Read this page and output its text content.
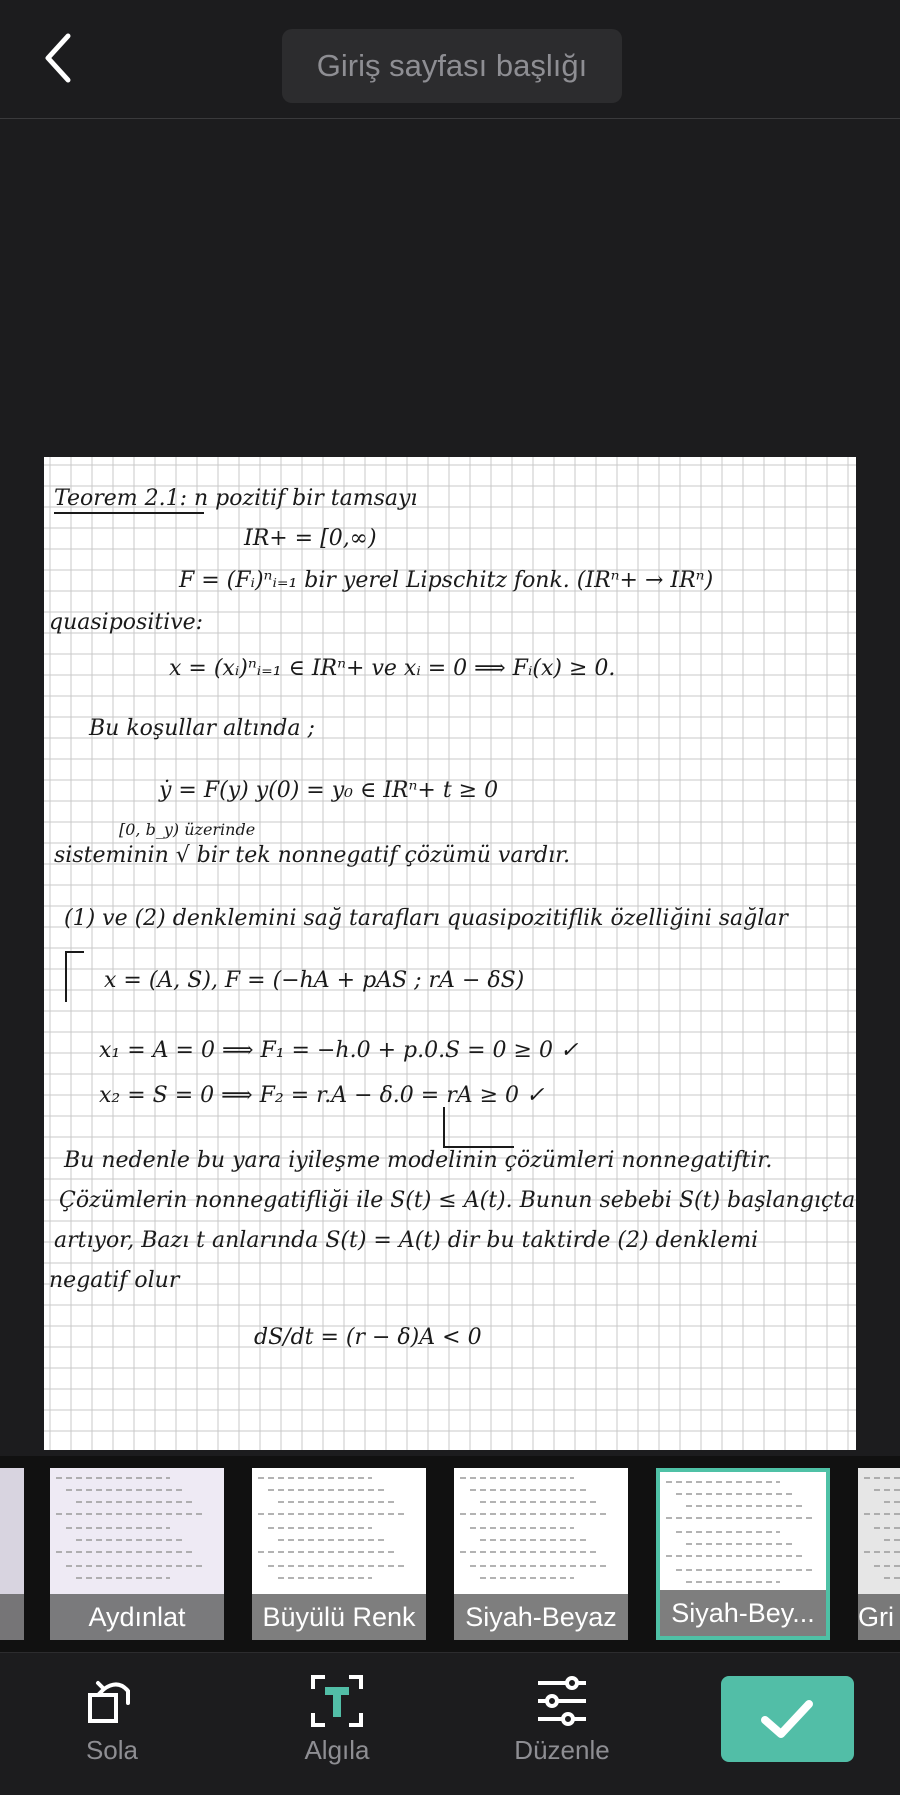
Giriş sayfası başlığı
Teorem 2.1: n pozitif bir tamsayı
IR+ = [0,∞)
F = (Fᵢ)ⁿᵢ₌₁ bir yerel Lipschitz fonk. (IRⁿ+ → IRⁿ)
quasipositive:
x = (xᵢ)ⁿᵢ₌₁ ∈ IRⁿ+ ve xᵢ = 0 ⟹ Fᵢ(x) ≥ 0.
Bu koşullar altında ;
ẏ = F(y) y(0) = y₀ ∈ IRⁿ+ t ≥ 0
[0, b_y) üzerinde
sisteminin √ bir tek nonnegatif çözümü vardır.
(1) ve (2) denklemini sağ tarafları quasipozitiflik özelliğini sağlar
x = (A, S), F = (−hA + pAS ; rA − δS)
x₁ = A = 0 ⟹ F₁ = −h.0 + p.0.S = 0 ≥ 0 ✓
x₂ = S = 0 ⟹ F₂ = r.A − δ.0 = rA ≥ 0 ✓
Bu nedenle bu yara iyileşme modelinin çözümleri nonnegatiftir.
Çözümlerin nonnegatifliği ile S(t) ≤ A(t). Bunun sebebi S(t) başlangıçta
artıyor, Bazı t anlarında S(t) = A(t) dir bu taktirde (2) denklemi
negatif olur
dS/dt = (r − δ)A < 0
Aydınlat	Büyülü Renk	Siyah-Beyaz	Siyah-Bey...	Gri
Sola	Algıla	Düzenle
